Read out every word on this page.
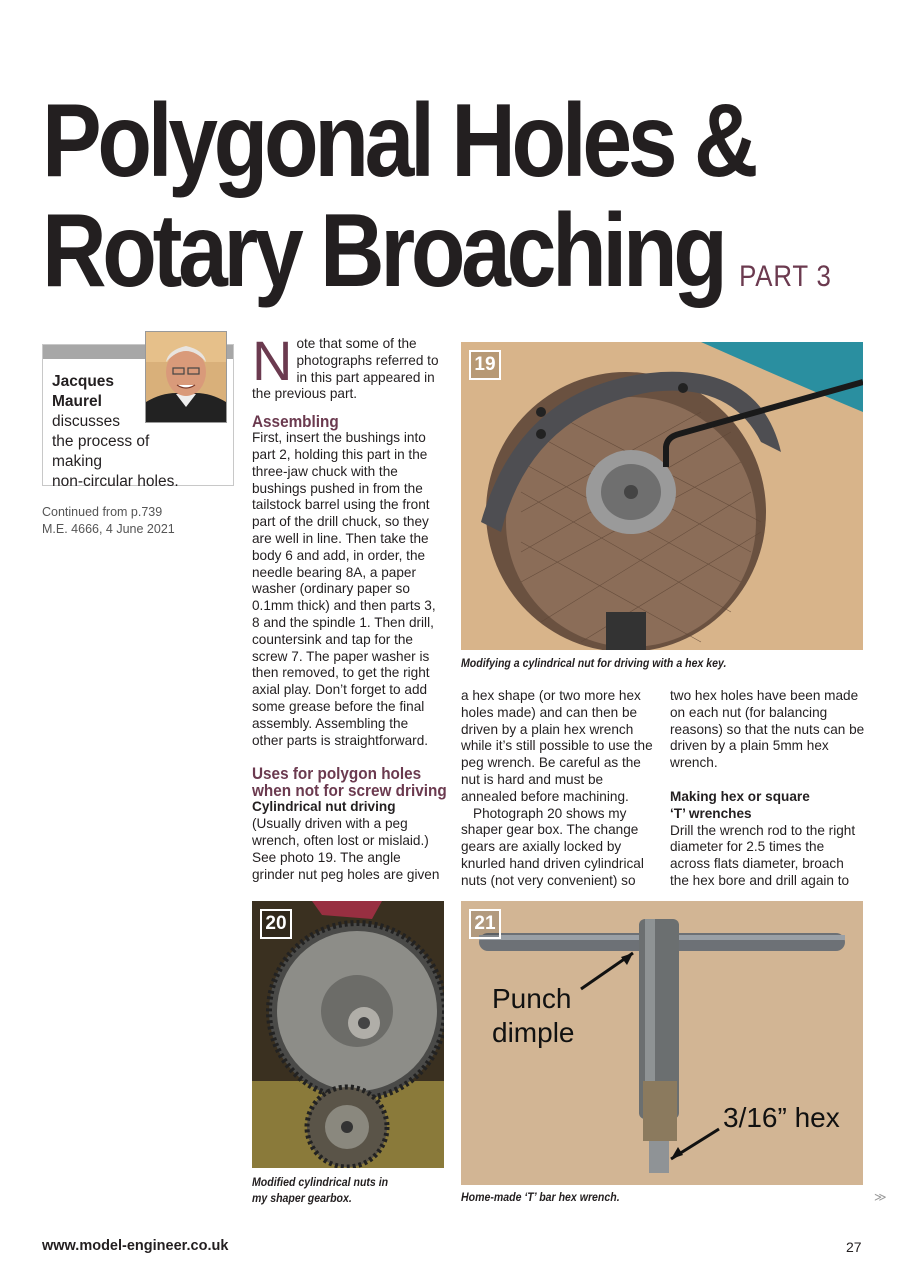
Polygonal Holes &
Rotary Broaching PART 3
Jacques
Maurel
discusses
the process of making
non-circular holes.
Continued from p.739
M.E. 4666, 4 June 2021

Note that some of the photographs referred to in this part appeared in the previous part.

Assembling

First, insert the bushings into part 2, holding this part in the three-jaw chuck with the bushings pushed in from the tailstock barrel using the front part of the drill chuck, so they are well in line. Then take the body 6 and add, in order, the needle bearing 8A, a paper washer (ordinary paper so 0.1mm thick) and then parts 3, 8 and the spindle 1. Then drill, countersink and tap for the screw 7. The paper washer is then removed, to get the right axial play. Don’t forget to add some grease before the final assembly. Assembling the other parts is straightforward.

Uses for polygon holes
when not for screw driving
Cylindrical nut driving

(Usually driven with a peg wrench, often lost or mislaid.) See photo 19. The angle grinder nut peg holes are given

19
Modifying a cylindrical nut for driving with a hex key.

a hex shape (or two more hex holes made) and can then be driven by a plain hex wrench while it’s still possible to use the peg wrench. Be careful as the nut is hard and must be annealed before machining.

Photograph 20 shows my shaper gear box. The change gears are axially locked by knurled hand driven cylindrical nuts (not very convenient) so

two hex holes have been made on each nut (for balancing reasons) so that the nuts can be driven by a plain 5mm hex wrench.

Making hex or square
‘T’ wrenches

Drill the wrench rod to the right diameter for 2.5 times the across flats diameter, broach the hex bore and drill again to

20
Modified cylindrical nuts in
my shaper gearbox.
Punch
dimple
3/16” hex
21
Home-made ‘T’ bar hex wrench.	≫
www.model-engineer.co.uk	27
